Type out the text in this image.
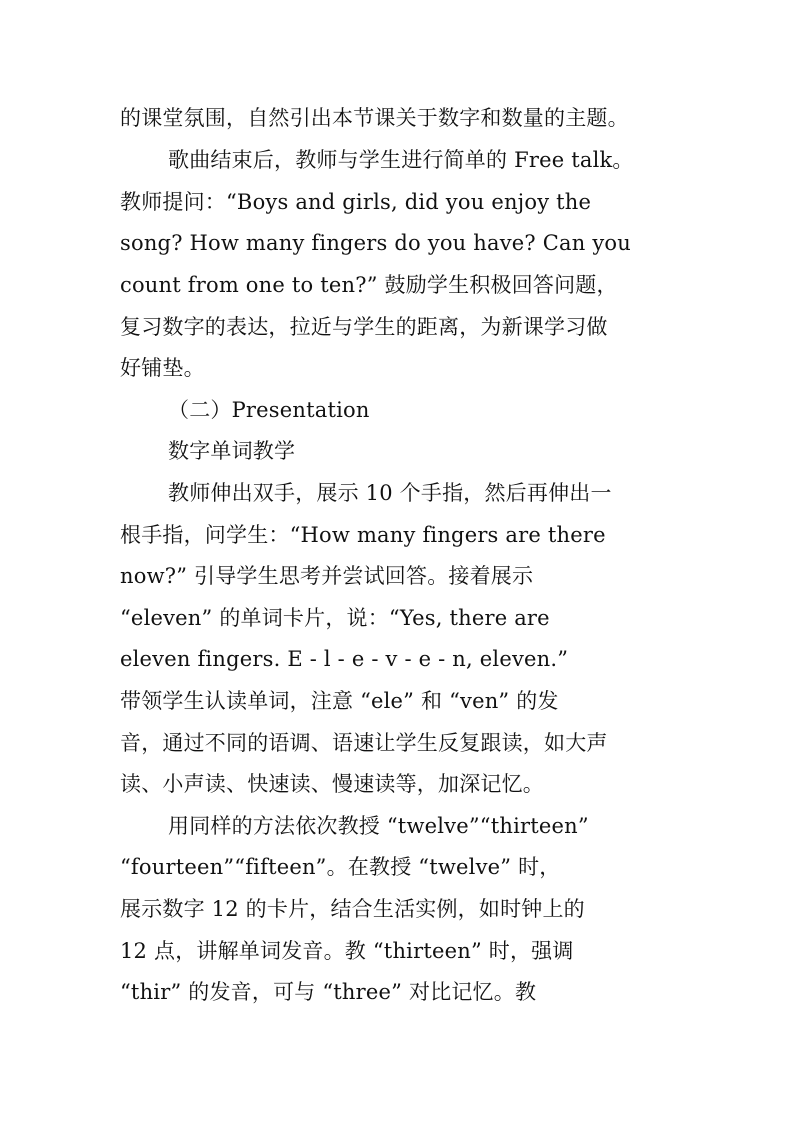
的课堂氛围，自然引出本节课关于数字和数量的主题。
歌曲结束后，教师与学生进行简单的 Free talk。
教师提问：“Boys and girls, did you enjoy the
song? How many fingers do you have? Can you
count from one to ten?” 鼓励学生积极回答问题，
复习数字的表达，拉近与学生的距离，为新课学习做
好铺垫。
（二）Presentation
数字单词教学
教师伸出双手，展示 10 个手指，然后再伸出一
根手指，问学生：“How many fingers are there
now?” 引导学生思考并尝试回答。接着展示
“eleven” 的单词卡片，说：“Yes, there are
eleven fingers. E - l - e - v - e - n, eleven.”
带领学生认读单词，注意 “ele” 和 “ven” 的发
音，通过不同的语调、语速让学生反复跟读，如大声
读、小声读、快速读、慢速读等，加深记忆。
用同样的方法依次教授 “twelve”“thirteen”
“fourteen”“fifteen”。在教授 “twelve” 时，
展示数字 12 的卡片，结合生活实例，如时钟上的
12 点，讲解单词发音。教 “thirteen” 时，强调
“thir” 的发音，可与 “three” 对比记忆。教
